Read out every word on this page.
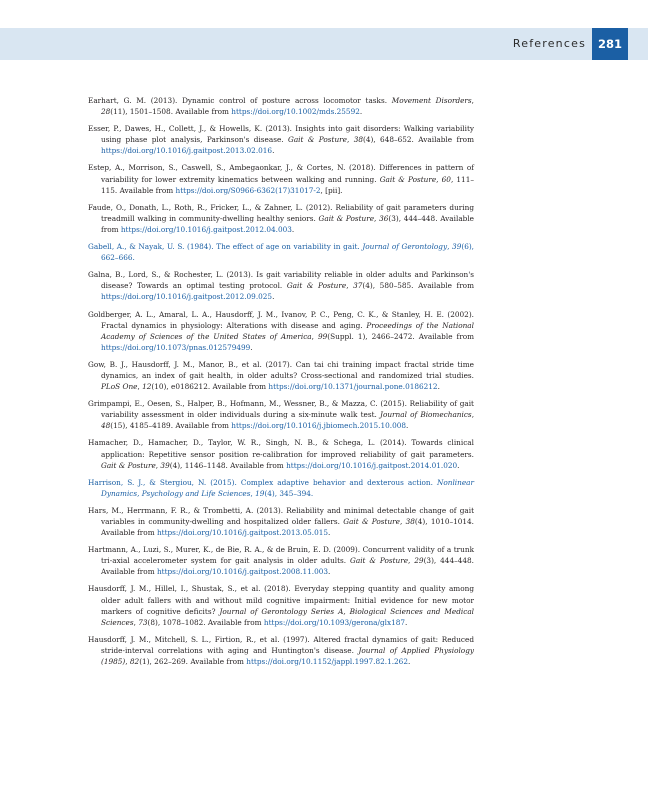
References	281

Earhart, G. M. (2013). Dynamic control of posture across locomotor tasks. Movement Disorders, 28(11), 1501–1508. Available from https://doi.org/10.1002/mds.25592.

Esser, P., Dawes, H., Collett, J., & Howells, K. (2013). Insights into gait disorders: Walking variability using phase plot analysis, Parkinson's disease. Gait & Posture, 38(4), 648–652. Available from https://doi.org/10.1016/j.gaitpost.2013.02.016.

Estep, A., Morrison, S., Caswell, S., Ambegaonkar, J., & Cortes, N. (2018). Differences in pattern of variability for lower extremity kinematics between walking and running. Gait & Posture, 60, 111–115. Available from https://doi.org/S0966-6362(17)31017-2, [pii].

Faude, O., Donath, L., Roth, R., Fricker, L., & Zahner, L. (2012). Reliability of gait parameters during treadmill walking in community-dwelling healthy seniors. Gait & Posture, 36(3), 444–448. Available from https://doi.org/10.1016/j.gaitpost.2012.04.003.

Gabell, A., & Nayak, U. S. (1984). The effect of age on variability in gait. Journal of Gerontology, 39(6), 662–666.

Galna, B., Lord, S., & Rochester, L. (2013). Is gait variability reliable in older adults and Parkinson's disease? Towards an optimal testing protocol. Gait & Posture, 37(4), 580–585. Available from https://doi.org/10.1016/j.gaitpost.2012.09.025.

Goldberger, A. L., Amaral, L. A., Hausdorff, J. M., Ivanov, P. C., Peng, C. K., & Stanley, H. E. (2002). Fractal dynamics in physiology: Alterations with disease and aging. Proceedings of the National Academy of Sciences of the United States of America, 99(Suppl. 1), 2466–2472. Available from https://doi.org/10.1073/pnas.012579499.

Gow, B. J., Hausdorff, J. M., Manor, B., et al. (2017). Can tai chi training impact fractal stride time dynamics, an index of gait health, in older adults? Cross-sectional and randomized trial studies. PLoS One, 12(10), e0186212. Available from https://doi.org/10.1371/journal.pone.0186212.

Grimpampi, E., Oesen, S., Halper, B., Hofmann, M., Wessner, B., & Mazza, C. (2015). Reliability of gait variability assessment in older individuals during a six-minute walk test. Journal of Biomechanics, 48(15), 4185–4189. Available from https://doi.org/10.1016/j.jbiomech.2015.10.008.

Hamacher, D., Hamacher, D., Taylor, W. R., Singh, N. B., & Schega, L. (2014). Towards clinical application: Repetitive sensor position re-calibration for improved reliability of gait parameters. Gait & Posture, 39(4), 1146–1148. Available from https://doi.org/10.1016/j.gaitpost.2014.01.020.

Harrison, S. J., & Stergiou, N. (2015). Complex adaptive behavior and dexterous action. Nonlinear Dynamics, Psychology and Life Sciences, 19(4), 345–394.

Hars, M., Herrmann, F. R., & Trombetti, A. (2013). Reliability and minimal detectable change of gait variables in community-dwelling and hospitalized older fallers. Gait & Posture, 38(4), 1010–1014. Available from https://doi.org/10.1016/j.gaitpost.2013.05.015.

Hartmann, A., Luzi, S., Murer, K., de Bie, R. A., & de Bruin, E. D. (2009). Concurrent validity of a trunk tri-axial accelerometer system for gait analysis in older adults. Gait & Posture, 29(3), 444–448. Available from https://doi.org/10.1016/j.gaitpost.2008.11.003.

Hausdorff, J. M., Hillel, I., Shustak, S., et al. (2018). Everyday stepping quantity and quality among older adult fallers with and without mild cognitive impairment: Initial evidence for new motor markers of cognitive deficits? Journal of Gerontology Series A, Biological Sciences and Medical Sciences, 73(8), 1078–1082. Available from https://doi.org/10.1093/gerona/glx187.

Hausdorff, J. M., Mitchell, S. L., Firtion, R., et al. (1997). Altered fractal dynamics of gait: Reduced stride-interval correlations with aging and Huntington's disease. Journal of Applied Physiology (1985), 82(1), 262–269. Available from https://doi.org/10.1152/jappl.1997.82.1.262.
